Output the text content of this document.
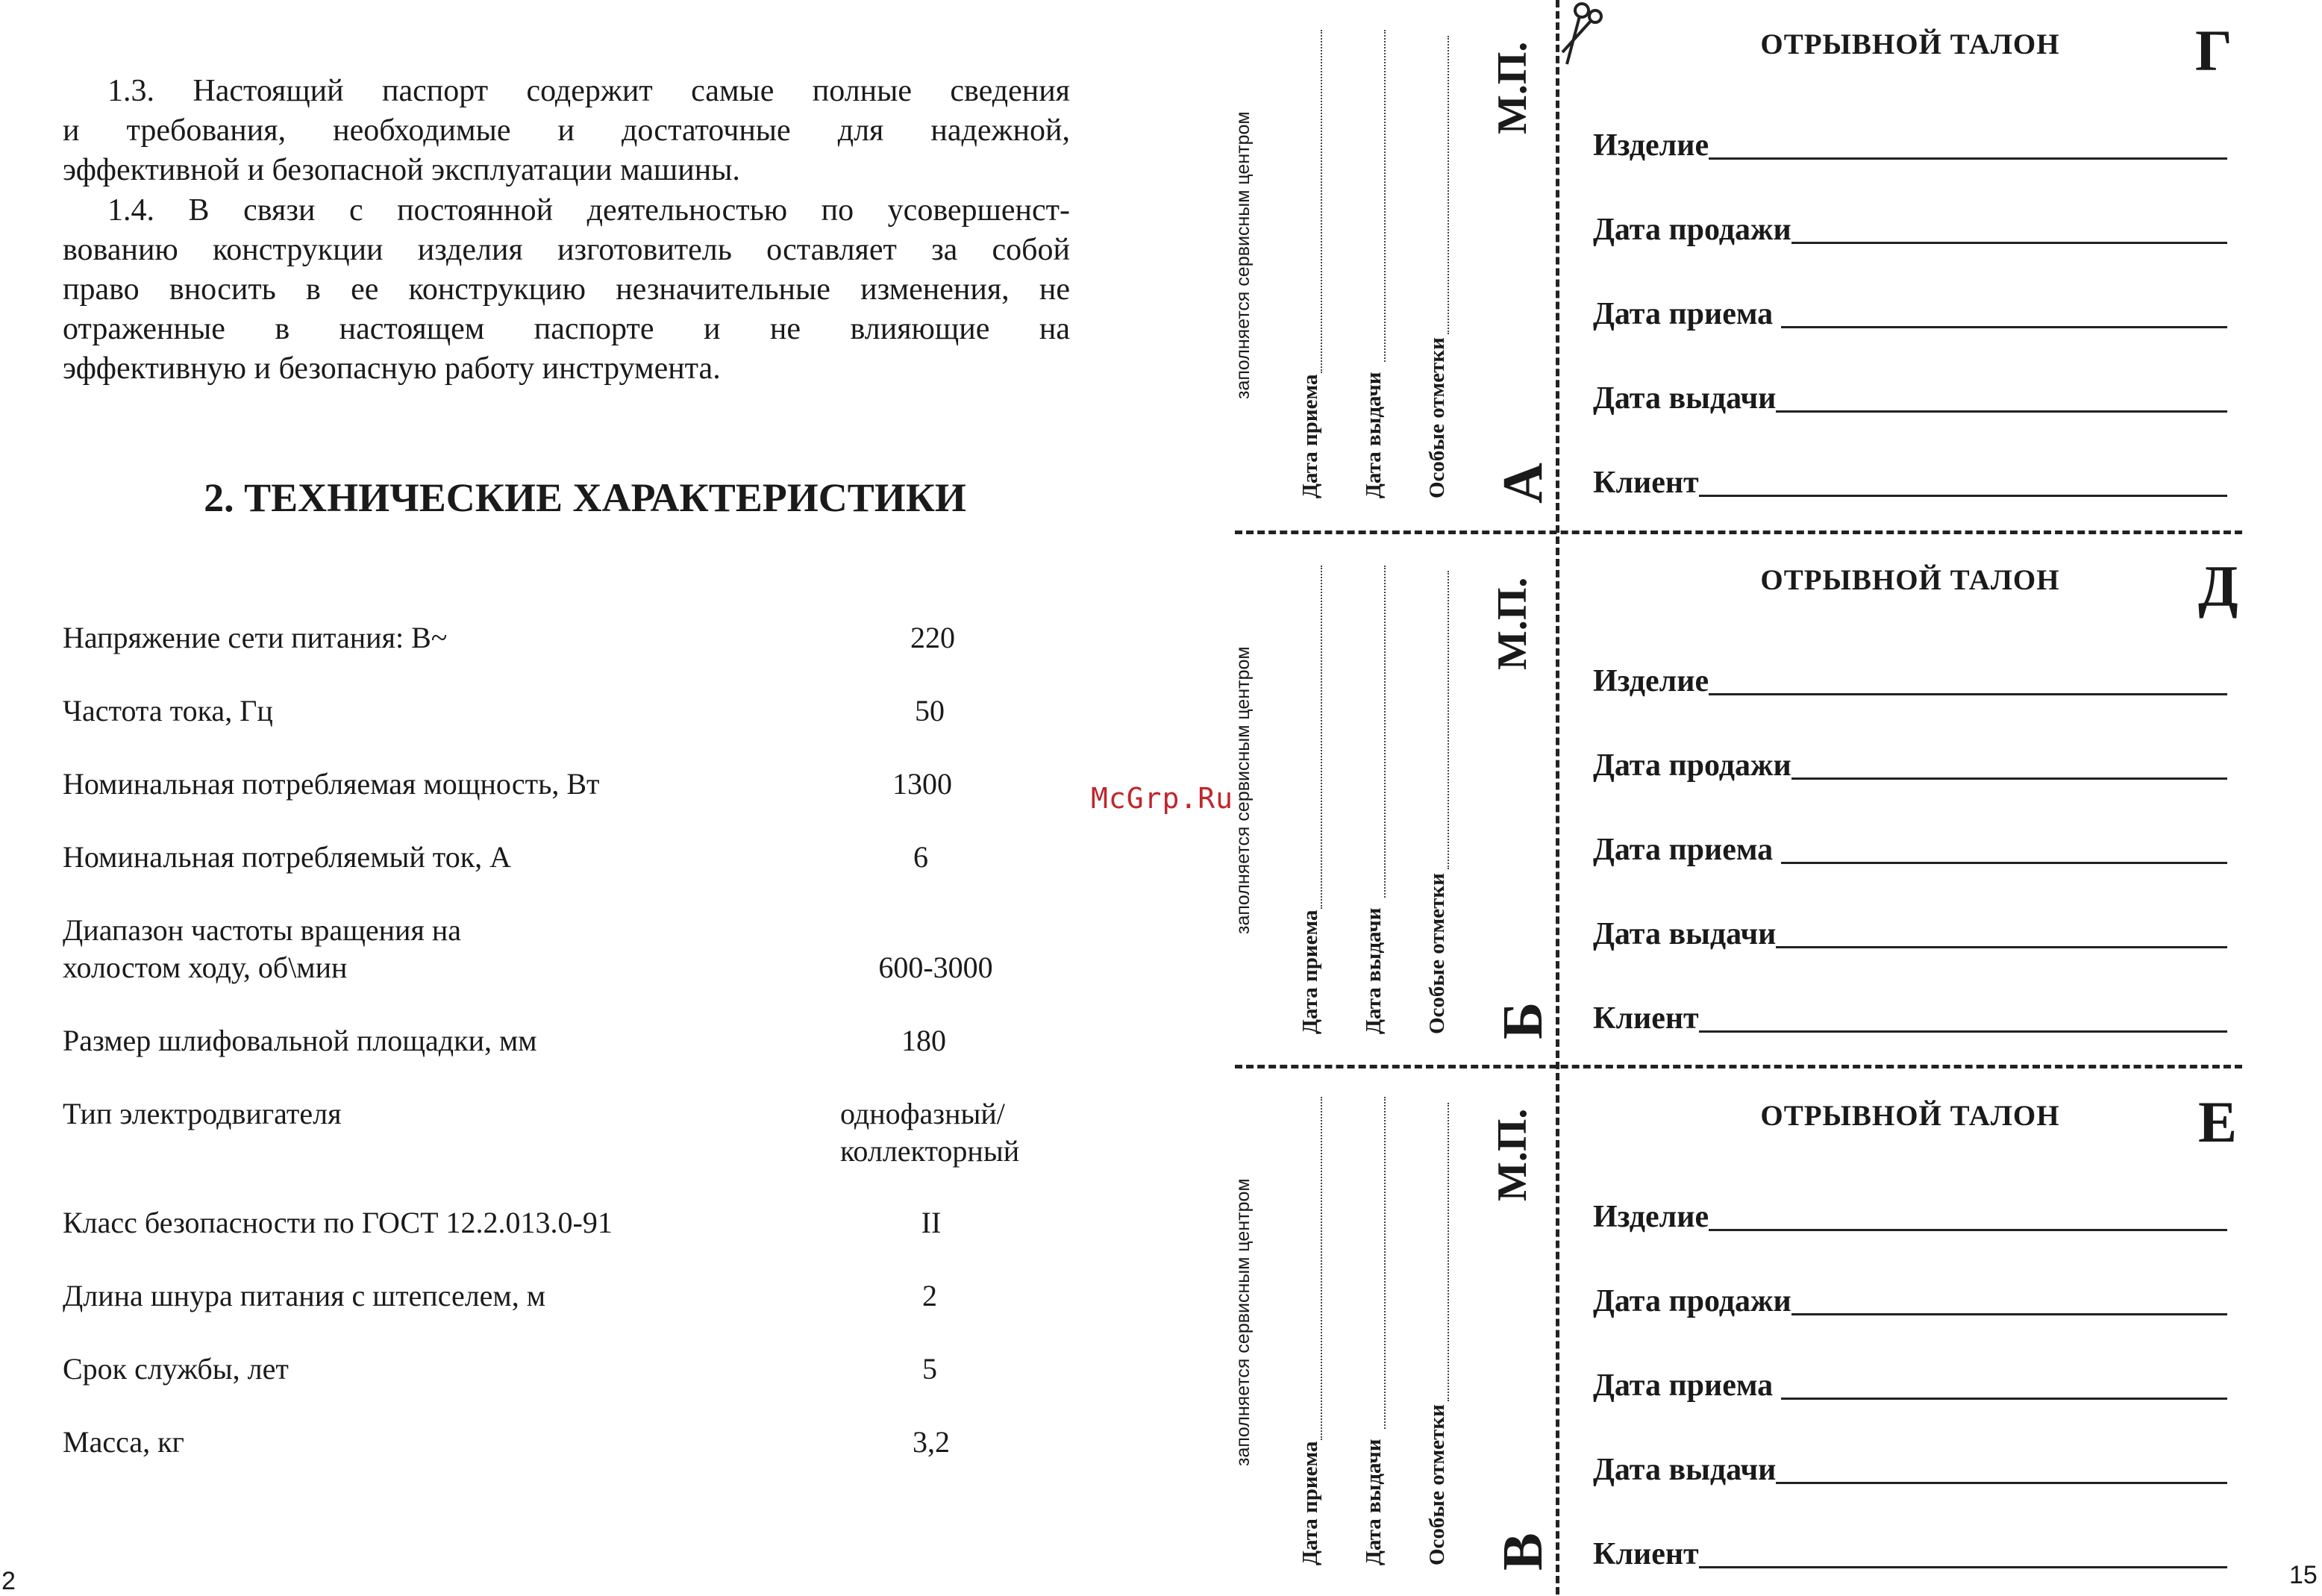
1.3. Настоящий паспорт содержит самые полные сведения
и требования, необходимые и достаточные для надежной,
эффективной и безопасной эксплуатации машины.
1.4. В связи с постоянной деятельностью по усовершенст-
вованию конструкции изделия изготовитель оставляет за собой
право вносить в ее конструкцию незначительные изменения, не
отраженные в настоящем паспорте и не влияющие на
эффективную и безопасную работу инструмента.
2. ТЕХНИЧЕСКИЕ ХАРАКТЕРИСТИКИ
Напряжение сети питания: В~	220
Частота тока, Гц	50
Номинальная потребляемая мощность, Вт	1300
Номинальная потребляемый ток, А	6
Диапазон частоты вращения на
холостом ходу, об\мин	600-3000
Размер шлифовальной площадки, мм	180
Тип электродвигателя	однофазный/
коллекторный
Класс безопасности по ГОСТ 12.2.013.0-91	II
Длина шнура питания с штепселем, м	2
Срок службы, лет	5
Масса, кг	3,2
2
McGrp.Ru
заполняется сервисным центром
Дата приема Дата выдачи Особые отметки
М.П.
А
заполняется сервисным центром
Дата приема Дата выдачи Особые отметки
М.П.
Б
заполняется сервисным центром
Дата приема Дата выдачи Особые отметки
М.П.
В
ОТРЫВНОЙ ТАЛОН	Г
Изделие
Дата продажи
Дата приема
Дата выдачи
Клиент
ОТРЫВНОЙ ТАЛОН	Д
Изделие
Дата продажи
Дата приема
Дата выдачи
Клиент
ОТРЫВНОЙ ТАЛОН	Е
Изделие
Дата продажи
Дата приема
Дата выдачи
Клиент
15
